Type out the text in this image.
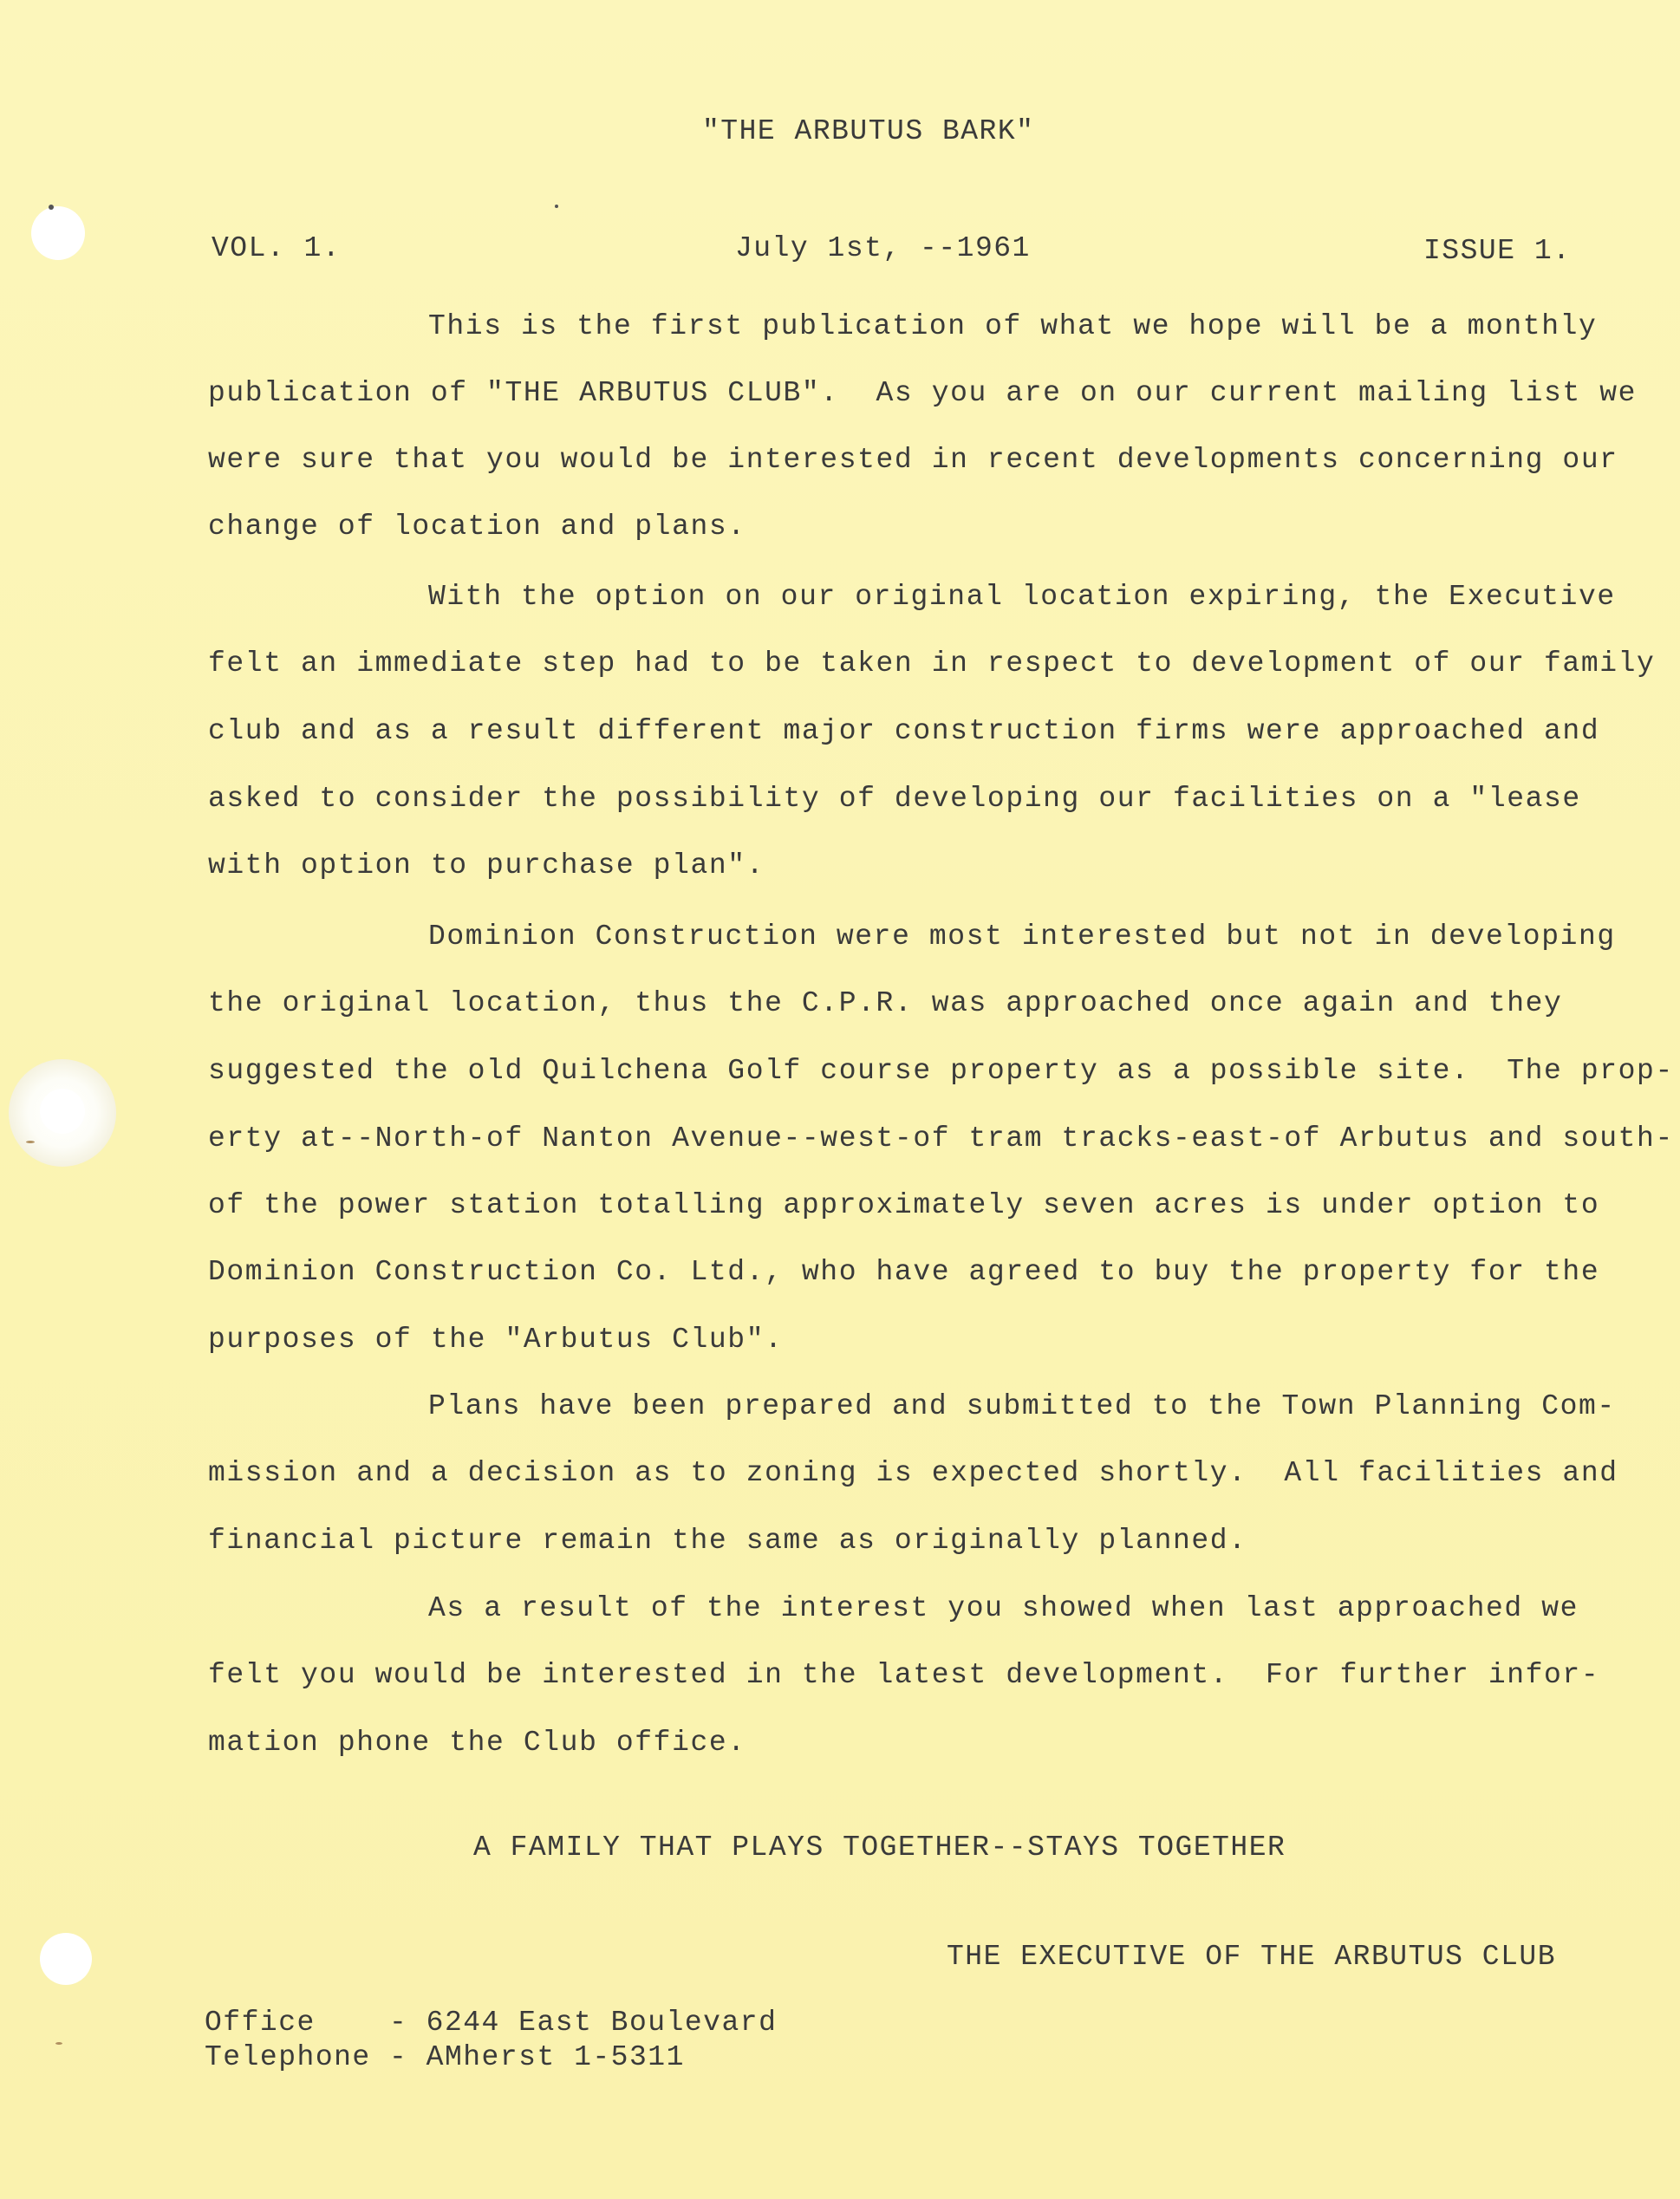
"THE ARBUTUS BARK"
VOL. 1.	July 1st, --1961	ISSUE 1.
This is the first publication of what we hope will be a monthly
publication of "THE ARBUTUS CLUB".  As you are on our current mailing list we
were sure that you would be interested in recent developments concerning our
change of location and plans.
With the option on our original location expiring, the Executive
felt an immediate step had to be taken in respect to development of our family
club and as a result different major construction firms were approached and
asked to consider the possibility of developing our facilities on a "lease
with option to purchase plan".
Dominion Construction were most interested but not in developing
the original location, thus the C.P.R. was approached once again and they
suggested the old Quilchena Golf course property as a possible site.  The prop-
erty at--North-of Nanton Avenue--west-of tram tracks-east-of Arbutus and south-
of the power station totalling approximately seven acres is under option to
Dominion Construction Co. Ltd., who have agreed to buy the property for the
purposes of the "Arbutus Club".
Plans have been prepared and submitted to the Town Planning Com-
mission and a decision as to zoning is expected shortly.  All facilities and
financial picture remain the same as originally planned.
As a result of the interest you showed when last approached we
felt you would be interested in the latest development.  For further infor-
mation phone the Club office.
A FAMILY THAT PLAYS TOGETHER--STAYS TOGETHER
THE EXECUTIVE OF THE ARBUTUS CLUB
Office    - 6244 East Boulevard
Telephone - AMherst 1-5311
